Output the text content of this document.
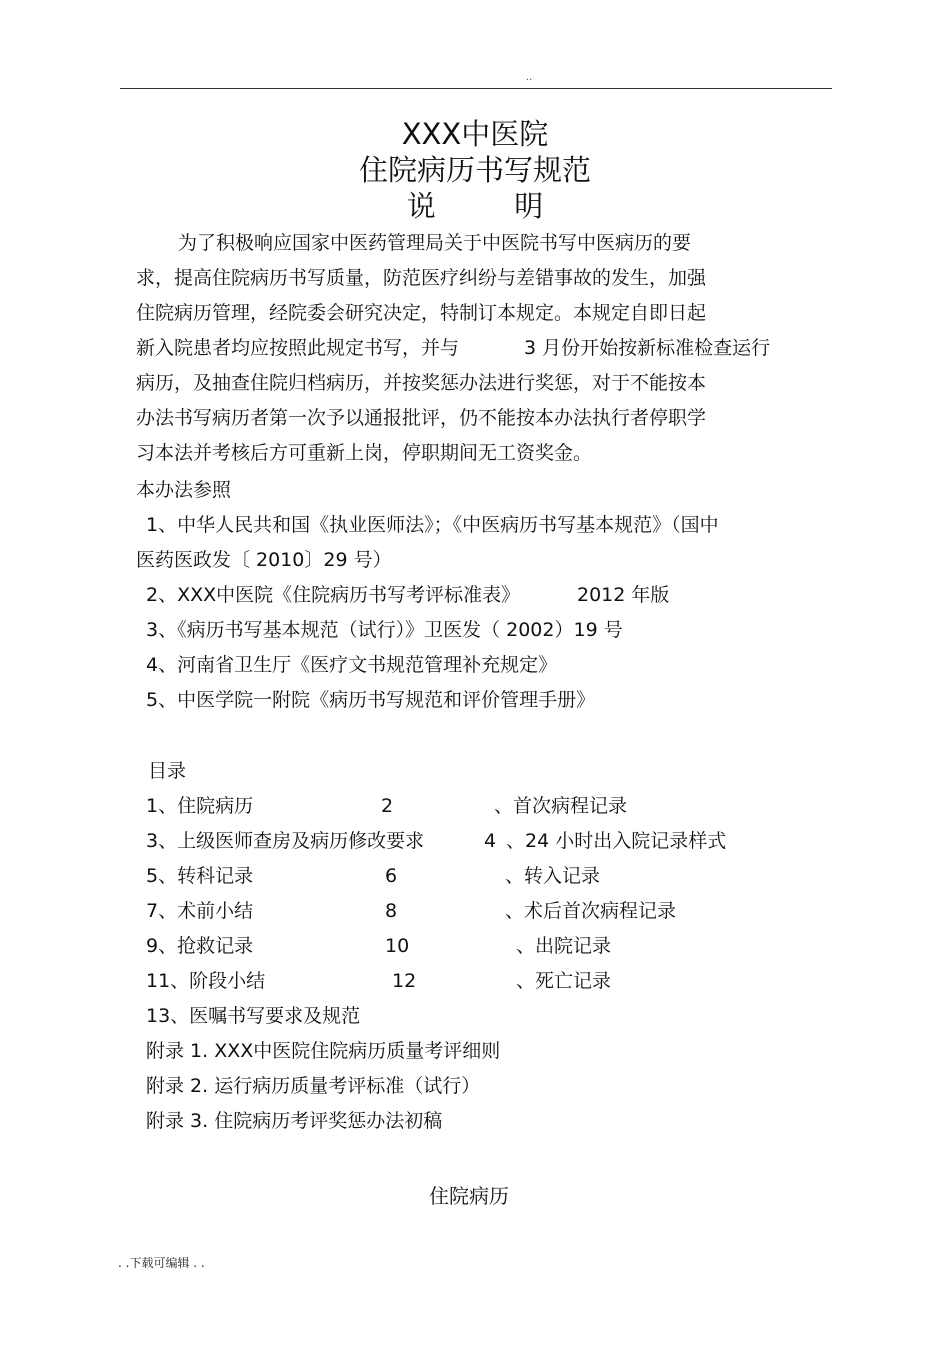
..
XXX中医院
住院病历书写规范
说	明
为了积极响应国家中医药管理局关于中医院书写中医病历的要
求，提高住院病历书写质量，防范医疗纠纷与差错事故的发生，加强
住院病历管理，经院委会研究决定，特制订本规定。本规定自即日起
新入院患者均应按照此规定书写，并与	3 月份开始按新标准检查运行
病历，及抽查住院归档病历，并按奖惩办法进行奖惩，对于不能按本
办法书写病历者第一次予以通报批评，仍不能按本办法执行者停职学
习本法并考核后方可重新上岗，停职期间无工资奖金。
本办法参照
1、中华人民共和国《执业医师法》；《中医病历书写基本规范》（国中
医药医政发〔 2010〕29 号）
2、XXX中医院《住院病历书写考评标准表》	2012 年版
3、《病历书写基本规范（试行）》卫医发（ 2002）19 号
4、河南省卫生厅《医疗文书规范管理补充规定》
5、中医学院一附院《病历书写规范和评价管理手册》
目录
1、住院病历	2	、首次病程记录
3、上级医师查房及病历修改要求	4 、24 小时出入院记录样式
5、转科记录	6	、转入记录
7、术前小结	8	、术后首次病程记录
9、抢救记录	10	、出院记录
11、阶段小结	12	、死亡记录
13、医嘱书写要求及规范
附录 1. XXX中医院住院病历质量考评细则
附录 2. 运行病历质量考评标准（试行）
附录 3. 住院病历考评奖惩办法初稿
住院病历
. .下载可编辑 . .
